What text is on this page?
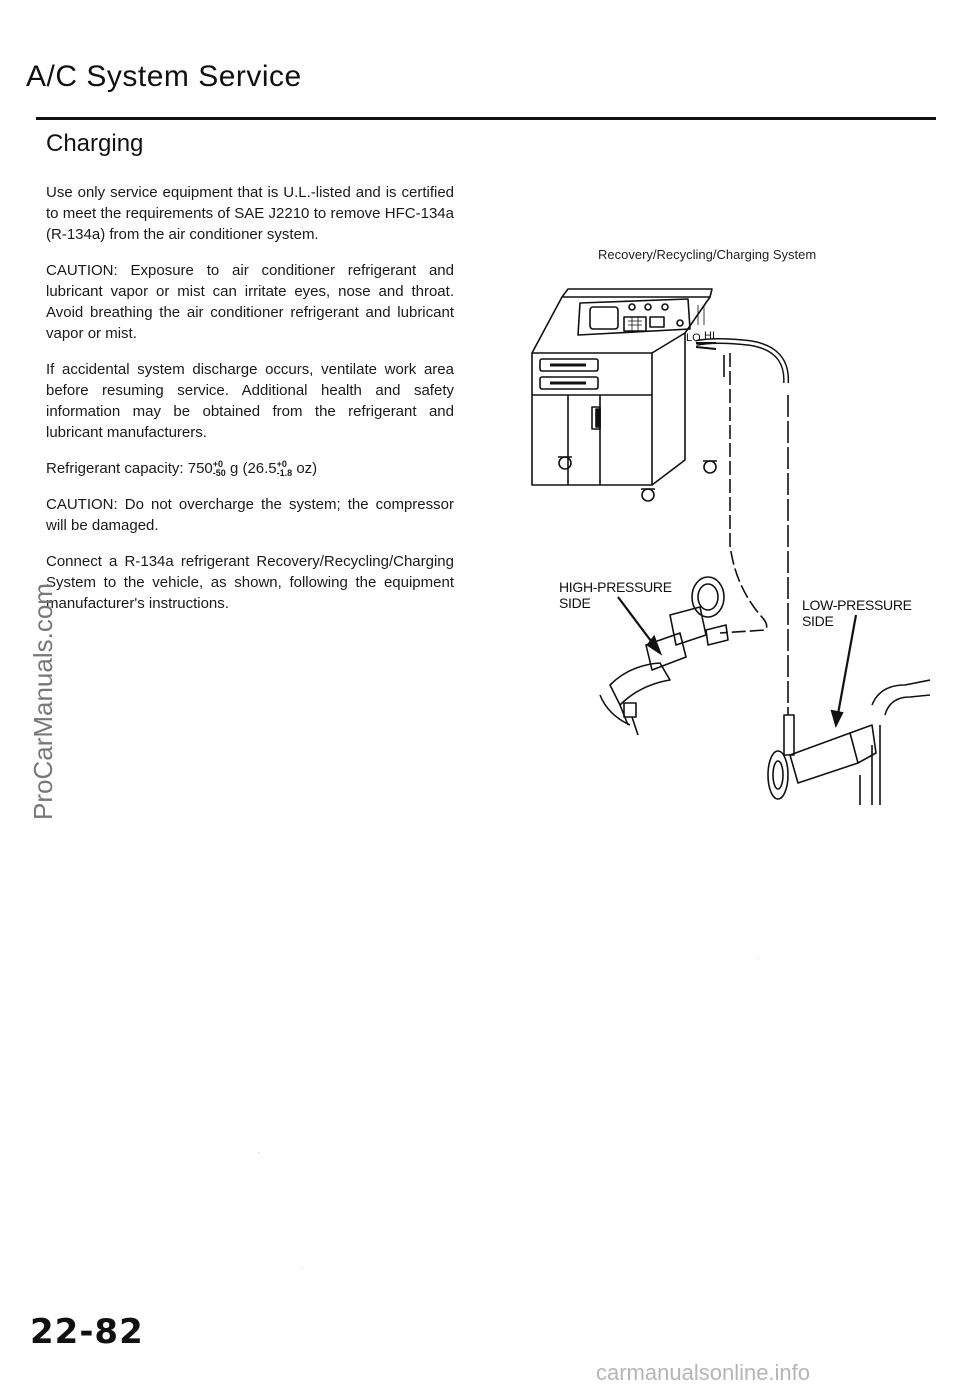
A/C System Service
Charging

Use only service equipment that is U.L.-listed and is certified to meet the requirements of SAE J2210 to remove HFC-134a (R-134a) from the air conditioner system.

CAUTION: Exposure to air conditioner refrigerant and lubricant vapor or mist can irritate eyes, nose and throat. Avoid breathing the air conditioner refrigerant and lubricant vapor or mist.

If accidental system discharge occurs, ventilate work area before resuming service. Additional health and safety information may be obtained from the refrigerant and lubricant manufacturers.

Refrigerant capacity: 750+0
-50 g (26.5+0
-1.8 oz)

CAUTION: Do not overcharge the system; the compressor will be damaged.

Connect a R-134a refrigerant Recovery/Recycling/Charging System to the vehicle, as shown, following the equipment manufacturer's instructions.

ProCarManuals.com
Recovery/Recycling/Charging System
LO HI
HIGH-PRESSURE
SIDE	LOW-PRESSURE
SIDE
22-82
carmanualsonline.info
